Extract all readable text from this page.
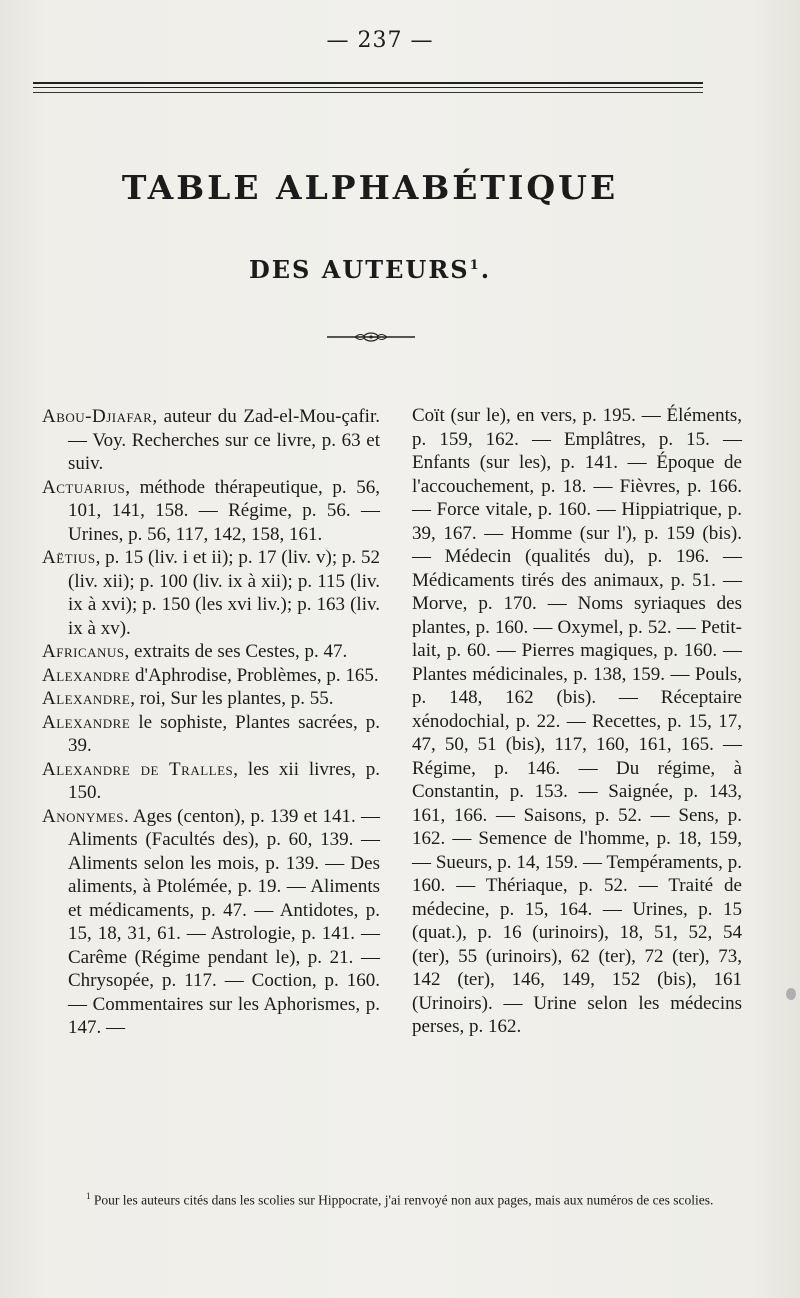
— 237 —
TABLE ALPHABÉTIQUE
DES AUTEURS$^1$.

Abou-Djiafar, auteur du Zad-el-Mou-çafir. — Voy. Recherches sur ce livre, p. 63 et suiv.

Actuarius, méthode thérapeutique, p. 56, 101, 141, 158. — Régime, p. 56. — Urines, p. 56, 117, 142, 158, 161.

Aëtius, p. 15 (liv. i et ii); p. 17 (liv. v); p. 52 (liv. xii); p. 100 (liv. ix à xii); p. 115 (liv. ix à xvi); p. 150 (les xvi liv.); p. 163 (liv. ix à xv).

Africanus, extraits de ses Cestes, p. 47.

Alexandre d'Aphrodise, Problèmes, p. 165.

Alexandre, roi, Sur les plantes, p. 55.

Alexandre le sophiste, Plantes sacrées, p. 39.

Alexandre de Tralles, les xii livres, p. 150.

Anonymes. Ages (centon), p. 139 et 141. — Aliments (Facultés des), p. 60, 139. — Aliments selon les mois, p. 139. — Des aliments, à Ptolémée, p. 19. — Aliments et médicaments, p. 47. — Antidotes, p. 15, 18, 31, 61. — Astrologie, p. 141. — Carême (Régime pendant le), p. 21. — Chrysopée, p. 117. — Coction, p. 160. — Commentaires sur les Aphorismes, p. 147. —

Coït (sur le), en vers, p. 195. — Éléments, p. 159, 162. — Emplâtres, p. 15. — Enfants (sur les), p. 141. — Époque de l'accouchement, p. 18. — Fièvres, p. 166. — Force vitale, p. 160. — Hippiatrique, p. 39, 167. — Homme (sur l'), p. 159 (bis). — Médecin (qualités du), p. 196. — Médicaments tirés des animaux, p. 51. — Morve, p. 170. — Noms syriaques des plantes, p. 160. — Oxymel, p. 52. — Petit-lait, p. 60. — Pierres magiques, p. 160. — Plantes médicinales, p. 138, 159. — Pouls, p. 148, 162 (bis). — Réceptaire xénodochial, p. 22. — Recettes, p. 15, 17, 47, 50, 51 (bis), 117, 160, 161, 165. — Régime, p. 146. — Du régime, à Constantin, p. 153. — Saignée, p. 143, 161, 166. — Saisons, p. 52. — Sens, p. 162. — Semence de l'homme, p. 18, 159, — Sueurs, p. 14, 159. — Tempéraments, p. 160. — Thériaque, p. 52. — Traité de médecine, p. 15, 164. — Urines, p. 15 (quat.), p. 16 (urinoirs), 18, 51, 52, 54 (ter), 55 (urinoirs), 62 (ter), 72 (ter), 73, 142 (ter), 146, 149, 152 (bis), 161 (Urinoirs). — Urine selon les médecins perses, p. 162.

$^1$ Pour les auteurs cités dans les scolies sur Hippocrate, j'ai renvoyé non aux pages, mais aux numéros de ces scolies.
